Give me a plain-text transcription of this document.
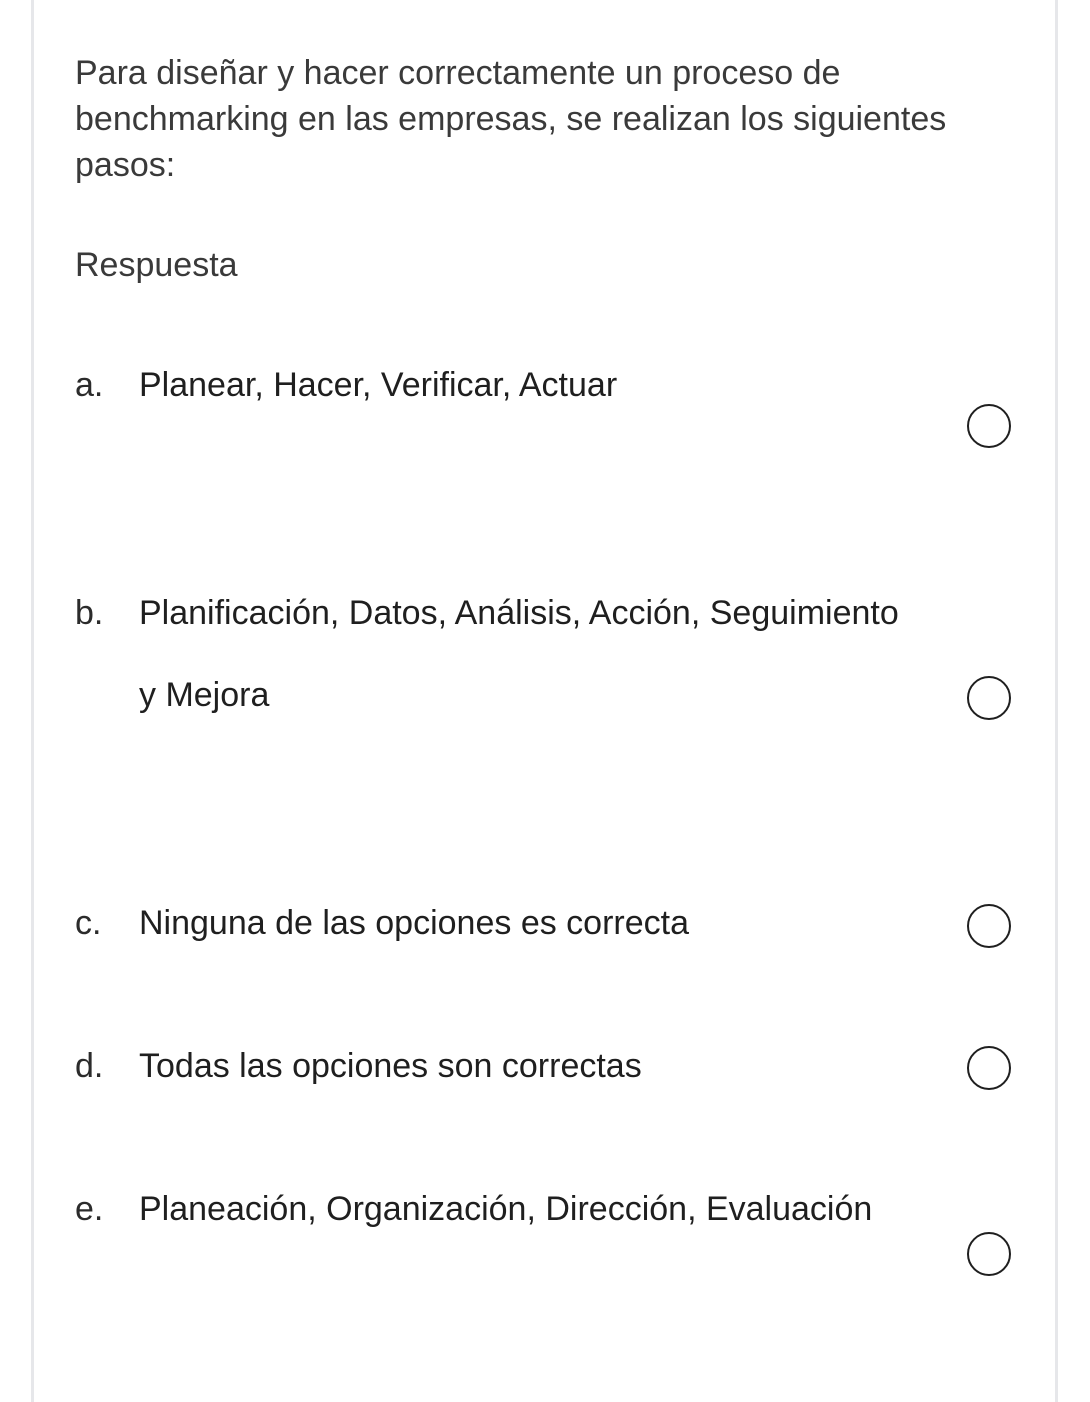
Para diseñar y hacer correctamente un proceso de benchmarking en las empresas, se realizan los siguientes pasos:

Respuesta
a. Planear, Hacer, Verificar, Actuar
b. Planificación, Datos, Análisis, Acción, Seguimiento y Mejora
c. Ninguna de las opciones es correcta
d. Todas las opciones son correctas
e. Planeación, Organización, Dirección, Evaluación
